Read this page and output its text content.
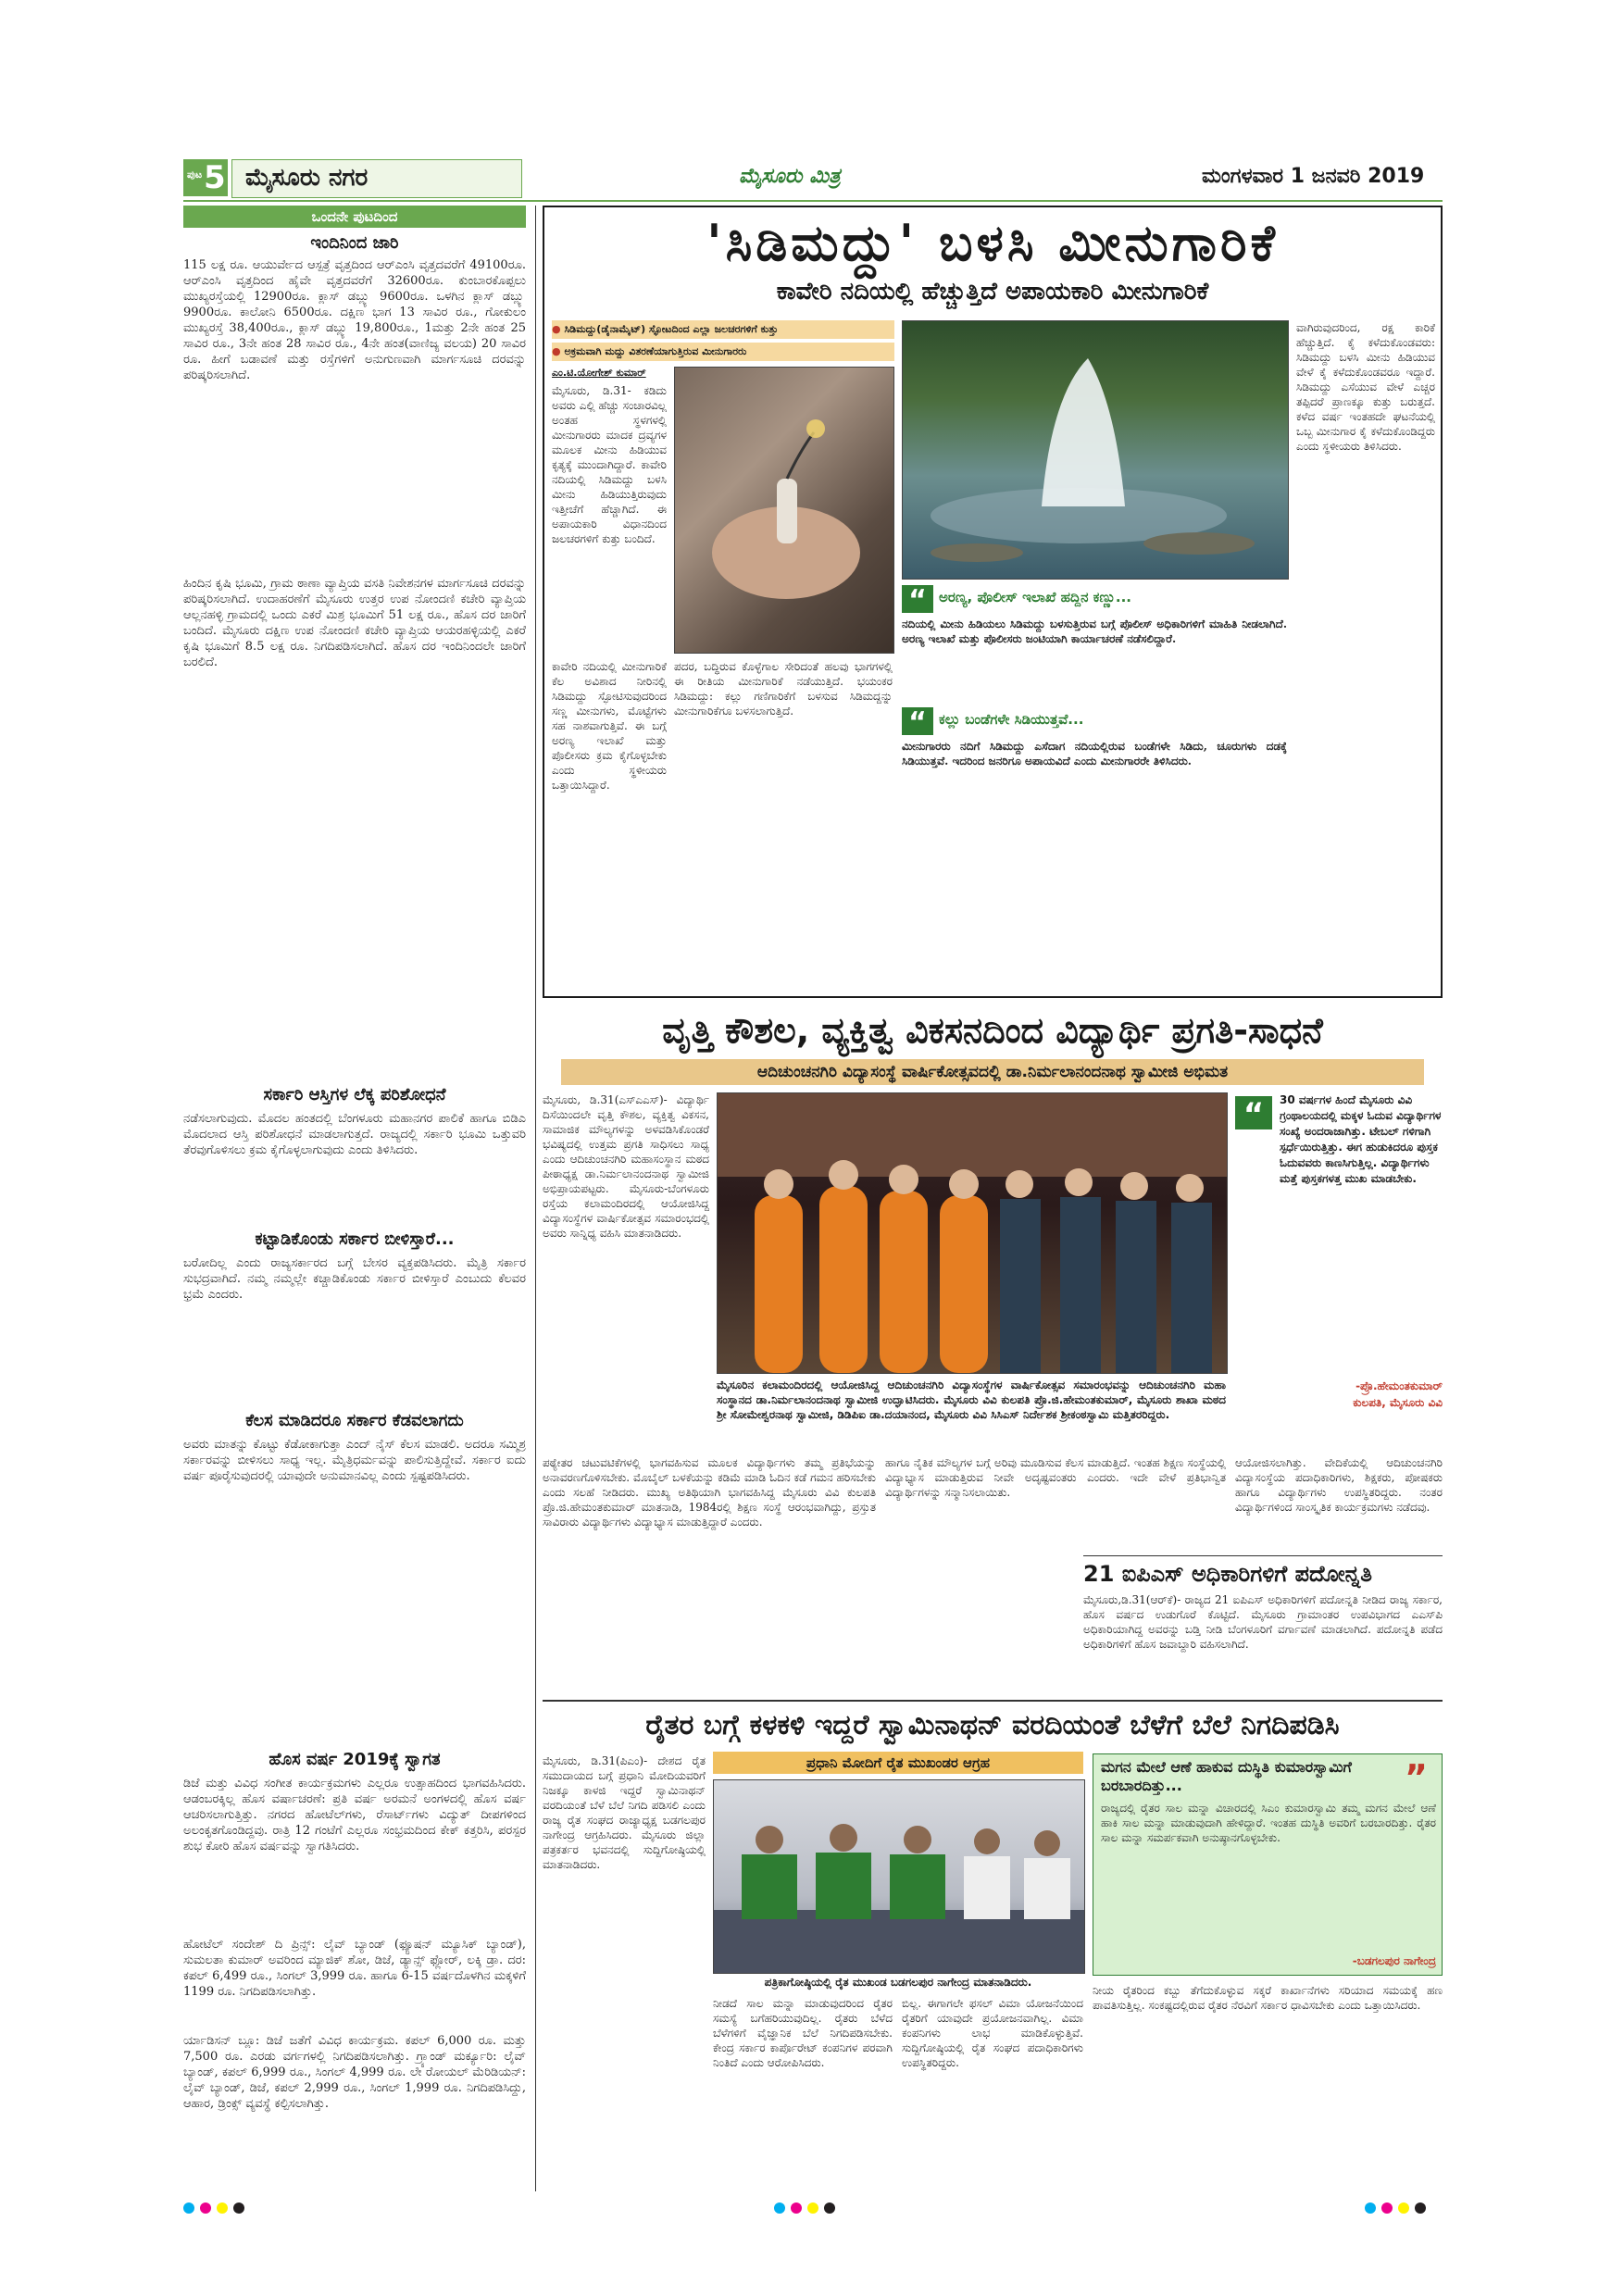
ಪುಟ 5 ಮೈಸೂರು ನಗರ	ಮೈಸೂರು ಮಿತ್ರ	ಮಂಗಳವಾರ 1 ಜನವರಿ 2019
ಒಂದನೇ ಪುಟದಿಂದ
ಇಂದಿನಿಂದ ಜಾರಿ
115 ಲಕ್ಷ ರೂ. ಆಯುರ್ವೇದ ಆಸ್ಪತ್ರೆ ವೃತ್ತದಿಂದ ಆರ್‌ಎಂಸಿ ವೃತ್ತದವರೆಗೆ 49100ರೂ. ಆರ್‌ಎಂಸಿ ವೃತ್ತದಿಂದ ಹೈವೇ ವೃತ್ತದವರೆಗೆ 32600ರೂ. ಕುಂಬಾರಕೊಪ್ಪಲು ಮುಖ್ಯರಸ್ತೆಯಲ್ಲಿ 12900ರೂ. ಕ್ಲಾಸ್ ಡಬ್ಲ್ಯು 9600ರೂ. ಒಳಗಿನ ಕ್ಲಾಸ್ ಡಬ್ಲ್ಯು 9900ರೂ. ಕಾಲೋನಿ 6500ರೂ. ದಕ್ಷಿಣ ಭಾಗ 13 ಸಾವಿರ ರೂ., ಗೋಕುಲಂ ಮುಖ್ಯರಸ್ತೆ 38,400ರೂ., ಕ್ಲಾಸ್ ಡಬ್ಲ್ಯು 19,800ರೂ., 1ಮತ್ತು 2ನೇ ಹಂತ 25 ಸಾವಿರ ರೂ., 3ನೇ ಹಂತ 28 ಸಾವಿರ ರೂ., 4ನೇ ಹಂತ(ವಾಣಿಜ್ಯ ವಲಯ) 20 ಸಾವಿರ ರೂ. ಹೀಗೆ ಬಡಾವಣೆ ಮತ್ತು ರಸ್ತೆಗಳಿಗೆ ಅನುಗುಣವಾಗಿ ಮಾರ್ಗಸೂಚಿ ದರವನ್ನು ಪರಿಷ್ಕರಿಸಲಾಗಿದೆ.
ಹಿಂದಿನ ಕೃಷಿ ಭೂಮಿ, ಗ್ರಾಮ ಠಾಣಾ ವ್ಯಾಪ್ತಿಯ ವಸತಿ ನಿವೇಶನಗಳ ಮಾರ್ಗಸೂಚಿ ದರವನ್ನು ಪರಿಷ್ಕರಿಸಲಾಗಿದೆ. ಉದಾಹರಣೆಗೆ ಮೈಸೂರು ಉತ್ತರ ಉಪ ನೋಂದಣಿ ಕಚೇರಿ ವ್ಯಾಪ್ತಿಯ ಆಲ್ಲನಹಳ್ಳಿ ಗ್ರಾಮದಲ್ಲಿ ಒಂದು ಎಕರೆ ಮಿಶ್ರ ಭೂಮಿಗೆ 51 ಲಕ್ಷ ರೂ., ಹೊಸ ದರ ಜಾರಿಗೆ ಬಂದಿದೆ. ಮೈಸೂರು ದಕ್ಷಿಣ ಉಪ ನೋಂದಣಿ ಕಚೇರಿ ವ್ಯಾಪ್ತಿಯ ಆಯರಹಳ್ಳಿಯಲ್ಲಿ ಎಕರೆ ಕೃಷಿ ಭೂಮಿಗೆ 8.5 ಲಕ್ಷ ರೂ. ನಿಗದಿಪಡಿಸಲಾಗಿದೆ. ಹೊಸ ದರ ಇಂದಿನಿಂದಲೇ ಜಾರಿಗೆ ಬರಲಿದೆ.
ಸರ್ಕಾರಿ ಆಸ್ತಿಗಳ ಲೆಕ್ಕ ಪರಿಶೋಧನೆ
ನಡೆಸಲಾಗುವುದು. ಮೊದಲ ಹಂತದಲ್ಲಿ ಬೆಂಗಳೂರು ಮಹಾನಗರ ಪಾಲಿಕೆ ಹಾಗೂ ಬಿಡಿಎ ಮೊದಲಾದ ಆಸ್ತಿ ಪರಿಶೋಧನೆ ಮಾಡಲಾಗುತ್ತದೆ. ರಾಜ್ಯದಲ್ಲಿ ಸರ್ಕಾರಿ ಭೂಮಿ ಒತ್ತುವರಿ ತೆರವುಗೊಳಿಸಲು ಕ್ರಮ ಕೈಗೊಳ್ಳಲಾಗುವುದು ಎಂದು ತಿಳಿಸಿದರು.
ಕಟ್ಟಾಡಿಕೊಂಡು ಸರ್ಕಾರ ಬೀಳಿಸ್ತಾರೆ...
ಬರೋದಿಲ್ಲ ಎಂದು ರಾಜ್ಯಸರ್ಕಾರದ ಬಗ್ಗೆ ಬೇಸರ ವ್ಯಕ್ತಪಡಿಸಿದರು. ಮೈತ್ರಿ ಸರ್ಕಾರ ಸುಭದ್ರವಾಗಿದೆ. ನಮ್ಮ ನಮ್ಮಲ್ಲೇ ಕಚ್ಚಾಡಿಕೊಂಡು ಸರ್ಕಾರ ಬೀಳಿಸ್ತಾರೆ ಎಂಬುದು ಕೆಲವರ ಭ್ರಮೆ ಎಂದರು.
ಕೆಲಸ ಮಾಡಿದರೂ ಸರ್ಕಾರ ಕೆಡವಲಾಗದು
ಅವರು ಮಾತನ್ನು ಕೊಟ್ಟು ಕೆಡೋಕಾಗುತ್ತಾ ಎಂದ್ ನೈಸ್ ಕೆಲಸ ಮಾಡಲಿ. ಅದರೂ ಸಮ್ಮಿಶ್ರ ಸರ್ಕಾರವನ್ನು ಬೀಳಿಸಲು ಸಾಧ್ಯ ಇಲ್ಲ. ಮೈತ್ರಿಧರ್ಮವನ್ನು ಪಾಲಿಸುತ್ತಿದ್ದೇವೆ. ಸರ್ಕಾರ ಐದು ವರ್ಷ ಪೂರೈಸುವುದರಲ್ಲಿ ಯಾವುದೇ ಅನುಮಾನವಿಲ್ಲ ಎಂದು ಸ್ಪಷ್ಟಪಡಿಸಿದರು.
ಹೊಸ ವರ್ಷ 2019ಕ್ಕೆ ಸ್ವಾಗತ
ಡಿಜೆ ಮತ್ತು ವಿವಿಧ ಸಂಗೀತ ಕಾರ್ಯಕ್ರಮಗಳು ಎಲ್ಲರೂ ಉತ್ಸಾಹದಿಂದ ಭಾಗವಹಿಸಿದರು. ಆಡಂಬರಕ್ಕಿಲ್ಲ ಹೊಸ ವರ್ಷಾಚರಣೆ: ಪ್ರತಿ ವರ್ಷ ಅರಮನೆ ಅಂಗಳದಲ್ಲಿ ಹೊಸ ವರ್ಷ ಆಚರಿಸಲಾಗುತ್ತಿತ್ತು. ನಗರದ ಹೋಟೆಲ್‌ಗಳು, ರೆಸಾರ್ಟ್‌ಗಳು ವಿದ್ಯುತ್ ದೀಪಗಳಿಂದ ಅಲಂಕೃತಗೊಂಡಿದ್ದವು. ರಾತ್ರಿ 12 ಗಂಟೆಗೆ ಎಲ್ಲರೂ ಸಂಭ್ರಮದಿಂದ ಕೇಕ್ ಕತ್ತರಿಸಿ, ಪರಸ್ಪರ ಶುಭ ಕೋರಿ ಹೊಸ ವರ್ಷವನ್ನು ಸ್ವಾಗತಿಸಿದರು.
ಹೋಟೆಲ್ ಸಂದೇಶ್ ದಿ ಪ್ರಿನ್ಸ್: ಲೈವ್ ಬ್ಯಾಂಡ್ (ಫ್ಯೂಷನ್ ಮ್ಯೂಸಿಕ್ ಬ್ಯಾಂಡ್), ಸುಮಲತಾ ಕುಮಾರ್ ಅವರಿಂದ ಮ್ಯಾಜಿಕ್ ಶೋ, ಡಿಜೆ, ಡ್ಯಾನ್ಸ್ ಫ್ಲೋರ್, ಲಕ್ಕಿ ಡ್ರಾ. ದರ: ಕಪಲ್ 6,499 ರೂ., ಸಿಂಗಲ್ 3,999 ರೂ. ಹಾಗೂ 6-15 ವರ್ಷದೊಳಗಿನ ಮಕ್ಕಳಿಗೆ 1199 ರೂ. ನಿಗದಿಪಡಿಸಲಾಗಿತ್ತು.
ರ್ಯಾಡಿಸನ್ ಬ್ಲೂ: ಡಿಜೆ ಜತೆಗೆ ವಿವಿಧ ಕಾರ್ಯಕ್ರಮ. ಕಪಲ್ 6,000 ರೂ. ಮತ್ತು 7,500 ರೂ. ಎರಡು ವರ್ಗಗಳಲ್ಲಿ ನಿಗದಿಪಡಿಸಲಾಗಿತ್ತು. ಗ್ರ್ಯಾಂಡ್ ಮರ್ಕ್ಯೂರಿ: ಲೈವ್ ಬ್ಯಾಂಡ್, ಕಪಲ್ 6,999 ರೂ., ಸಿಂಗಲ್ 4,999 ರೂ. ಲೇ ರೋಯಲ್ ಮೆರಿಡಿಯನ್: ಲೈವ್ ಬ್ಯಾಂಡ್, ಡಿಜೆ, ಕಪಲ್ 2,999 ರೂ., ಸಿಂಗಲ್ 1,999 ರೂ. ನಿಗದಿಪಡಿಸಿದ್ದು, ಆಹಾರ, ಡ್ರಿಂಕ್ಸ್ ವ್ಯವಸ್ಥೆ ಕಲ್ಪಿಸಲಾಗಿತ್ತು.
'ಸಿಡಿಮದ್ದು' ಬಳಸಿ ಮೀನುಗಾರಿಕೆ
ಕಾವೇರಿ ನದಿಯಲ್ಲಿ ಹೆಚ್ಚುತ್ತಿದೆ ಅಪಾಯಕಾರಿ ಮೀನುಗಾರಿಕೆ
● ಸಿಡಿಮದ್ದು(ಡೈನಾಮೈಟ್) ಸ್ಫೋಟದಿಂದ ಎಲ್ಲಾ ಜಲಚರಗಳಿಗೆ ಕುತ್ತು
● ಅಕ್ರಮವಾಗಿ ಮದ್ದು ವಿತರಣೆಯಾಗುತ್ತಿರುವ ಮೀನುಗಾರರು
ಎಂ.ಟಿ.ಯೋಗೇಶ್ ಕುಮಾರ್
ಮೈಸೂರು, ಡಿ.31- ಕಡಿದು ಅವರು ಎಲ್ಲಿ ಹೆಚ್ಚು ಸಂಚಾರವಿಲ್ಲ ಅಂತಹ ಸ್ಥಳಗಳಲ್ಲಿ ಮೀನುಗಾರರು ಮಾದಕ ದ್ರವ್ಯಗಳ ಮೂಲಕ ಮೀನು ಹಿಡಿಯುವ ಕೃತ್ಯಕ್ಕೆ ಮುಂದಾಗಿದ್ದಾರೆ. ಕಾವೇರಿ ನದಿಯಲ್ಲಿ ಸಿಡಿಮದ್ದು ಬಳಸಿ ಮೀನು ಹಿಡಿಯುತ್ತಿರುವುದು ಇತ್ತೀಚೆಗೆ ಹೆಚ್ಚಾಗಿದೆ. ಈ ಅಪಾಯಕಾರಿ ವಿಧಾನದಿಂದ ಜಲಚರಗಳಿಗೆ ಕುತ್ತು ಬಂದಿದೆ.
ವಾಗಿರುವುದರಿಂದ, ರಕ್ಷ ಕಾರಿಕೆ ಹೆಚ್ಚುತ್ತಿದೆ. ಕೈ ಕಳೆದುಕೊಂಡವರು: ಸಿಡಿಮದ್ದು ಬಳಸಿ ಮೀನು ಹಿಡಿಯುವ ವೇಳೆ ಕೈ ಕಳೆದುಕೊಂಡವರೂ ಇದ್ದಾರೆ. ಸಿಡಿಮದ್ದು ಎಸೆಯುವ ವೇಳೆ ಎಚ್ಚರ ತಪ್ಪಿದರೆ ಪ್ರಾಣಕ್ಕೂ ಕುತ್ತು ಬರುತ್ತದೆ. ಕಳೆದ ವರ್ಷ ಇಂತಹದೇ ಘಟನೆಯಲ್ಲಿ ಒಬ್ಬ ಮೀನುಗಾರ ಕೈ ಕಳೆದುಕೊಂಡಿದ್ದರು ಎಂದು ಸ್ಥಳೀಯರು ತಿಳಿಸಿದರು.
ಕಾವೇರಿ ನದಿಯಲ್ಲಿ ಮೀನುಗಾರಿಕೆ ಕೆಲ ಅವಿಶಾದ ನೀರಿನಲ್ಲಿ ಸಿಡಿಮದ್ದು ಸ್ಫೋಟಿಸುವುದರಿಂದ ಸಣ್ಣ ಮೀನುಗಳು, ಮೊಟ್ಟೆಗಳು ಸಹ ನಾಶವಾಗುತ್ತಿವೆ. ಈ ಬಗ್ಗೆ ಅರಣ್ಯ ಇಲಾಖೆ ಮತ್ತು ಪೊಲೀಸರು ಕ್ರಮ ಕೈಗೊಳ್ಳಬೇಕು ಎಂದು ಸ್ಥಳೀಯರು ಒತ್ತಾಯಿಸಿದ್ದಾರೆ.
ಪದರ, ಬದ್ಧಿರುವ ಕೊಳ್ಳೆಗಾಲ ಸೇರಿದಂತೆ ಹಲವು ಭಾಗಗಳಲ್ಲಿ ಈ ರೀತಿಯ ಮೀನುಗಾರಿಕೆ ನಡೆಯುತ್ತಿದೆ. ಭಯಂಕರ ಸಿಡಿಮದ್ದು: ಕಲ್ಲು ಗಣಿಗಾರಿಕೆಗೆ ಬಳಸುವ ಸಿಡಿಮದ್ದನ್ನು ಮೀನುಗಾರಿಕೆಗೂ ಬಳಸಲಾಗುತ್ತಿದೆ.
“ ಅರಣ್ಯ, ಪೊಲೀಸ್ ಇಲಾಖೆ ಹದ್ದಿನ ಕಣ್ಣು...
ನದಿಯಲ್ಲಿ ಮೀನು ಹಿಡಿಯಲು ಸಿಡಿಮದ್ದು ಬಳಸುತ್ತಿರುವ ಬಗ್ಗೆ ಪೊಲೀಸ್ ಅಧಿಕಾರಿಗಳಿಗೆ ಮಾಹಿತಿ ನೀಡಲಾಗಿದೆ. ಅರಣ್ಯ ಇಲಾಖೆ ಮತ್ತು ಪೊಲೀಸರು ಜಂಟಿಯಾಗಿ ಕಾರ್ಯಾಚರಣೆ ನಡೆಸಲಿದ್ದಾರೆ.
“ ಕಲ್ಲು ಬಂಡೆಗಳೇ ಸಿಡಿಯುತ್ತವೆ...
ಮೀನುಗಾರರು ನದಿಗೆ ಸಿಡಿಮದ್ದು ಎಸೆದಾಗ ನದಿಯಲ್ಲಿರುವ ಬಂಡೆಗಳೇ ಸಿಡಿದು, ಚೂರುಗಳು ದಡಕ್ಕೆ ಸಿಡಿಯುತ್ತವೆ. ಇದರಿಂದ ಜನರಿಗೂ ಅಪಾಯವಿದೆ ಎಂದು ಮೀನುಗಾರರೇ ತಿಳಿಸಿದರು.
ವೃತ್ತಿ ಕೌಶಲ, ವ್ಯಕ್ತಿತ್ವ ವಿಕಸನದಿಂದ ವಿದ್ಯಾರ್ಥಿ ಪ್ರಗತಿ-ಸಾಧನೆ
ಆದಿಚುಂಚನಗಿರಿ ವಿದ್ಯಾಸಂಸ್ಥೆ ವಾರ್ಷಿಕೋತ್ಸವದಲ್ಲಿ ಡಾ.ನಿರ್ಮಲಾನಂದನಾಥ ಸ್ವಾಮೀಜಿ ಅಭಿಮತ
ಮೈಸೂರು, ಡಿ.31(ಎಸ್‌ಎಎಸ್)- ವಿದ್ಯಾರ್ಥಿ ದಿಸೆಯಿಂದಲೇ ವೃತ್ತಿ ಕೌಶಲ, ವ್ಯಕ್ತಿತ್ವ ವಿಕಸನ, ಸಾಮಾಜಿಕ ಮೌಲ್ಯಗಳನ್ನು ಅಳವಡಿಸಿಕೊಂಡರೆ ಭವಿಷ್ಯದಲ್ಲಿ ಉತ್ತಮ ಪ್ರಗತಿ ಸಾಧಿಸಲು ಸಾಧ್ಯ ಎಂದು ಆದಿಚುಂಚನಗಿರಿ ಮಹಾಸಂಸ್ಥಾನ ಮಠದ ಪೀಠಾಧ್ಯಕ್ಷ ಡಾ.ನಿರ್ಮಲಾನಂದನಾಥ ಸ್ವಾಮೀಜಿ ಅಭಿಪ್ರಾಯಪಟ್ಟರು. ಮೈಸೂರು-ಬೆಂಗಳೂರು ರಸ್ತೆಯ ಕಲಾಮಂದಿರದಲ್ಲಿ ಆಯೋಜಿಸಿದ್ದ ವಿದ್ಯಾಸಂಸ್ಥೆಗಳ ವಾರ್ಷಿಕೋತ್ಸವ ಸಮಾರಂಭದಲ್ಲಿ ಅವರು ಸಾನ್ನಿಧ್ಯ ವಹಿಸಿ ಮಾತನಾಡಿದರು.
ಮೈಸೂರಿನ ಕಲಾಮಂದಿರದಲ್ಲಿ ಆಯೋಜಿಸಿದ್ದ ಆದಿಚುಂಚನಗಿರಿ ವಿದ್ಯಾಸಂಸ್ಥೆಗಳ ವಾರ್ಷಿಕೋತ್ಸವ ಸಮಾರಂಭವನ್ನು ಆದಿಚುಂಚನಗಿರಿ ಮಹಾ ಸಂಸ್ಥಾನದ ಡಾ.ನಿರ್ಮಲಾನಂದನಾಥ ಸ್ವಾಮೀಜಿ ಉದ್ಘಾಟಿಸಿದರು. ಮೈಸೂರು ವಿವಿ ಕುಲಪತಿ ಪ್ರೊ.ಜಿ.ಹೇಮಂತಕುಮಾರ್, ಮೈಸೂರು ಶಾಖಾ ಮಠದ ಶ್ರೀ ಸೋಮೇಶ್ವರನಾಥ ಸ್ವಾಮೀಜಿ, ಡಿಡಿಪಿಐ ಡಾ.ದಯಾನಂದ, ಮೈಸೂರು ವಿವಿ ಸಿಸಿಎಸ್ ನಿರ್ದೇಶಕ ಶ್ರೀಕಂಠಸ್ವಾಮಿ ಮತ್ತಿತರರಿದ್ದರು.
“	30 ವರ್ಷಗಳ ಹಿಂದೆ ಮೈಸೂರು ವಿವಿ ಗ್ರಂಥಾಲಯದಲ್ಲಿ ಮಕ್ಕಳ ಓದುವ ವಿದ್ಯಾರ್ಥಿಗಳ ಸಂಖ್ಯೆ ಅಂದರಾಜಾಗಿತ್ತು. ಟೇಬಲ್ ಗಳಿಗಾಗಿ ಸ್ಪರ್ಧೆಯಿರುತ್ತಿತ್ತು. ಈಗ ಹುಡುಕಿದರೂ ಪುಸ್ತಕ ಓದುವವರು ಕಾಣಸಿಗುತ್ತಿಲ್ಲ. ವಿದ್ಯಾರ್ಥಿಗಳು ಮತ್ತೆ ಪುಸ್ತಕಗಳತ್ತ ಮುಖ ಮಾಡಬೇಕು.
-ಪ್ರೊ.ಹೇಮಂತಕುಮಾರ್
ಕುಲಪತಿ, ಮೈಸೂರು ವಿವಿ
ಪಠ್ಯೇತರ ಚಟುವಟಿಕೆಗಳಲ್ಲಿ ಭಾಗವಹಿಸುವ ಮೂಲಕ ವಿದ್ಯಾರ್ಥಿಗಳು ತಮ್ಮ ಪ್ರತಿಭೆಯನ್ನು ಅನಾವರಣಗೊಳಿಸಬೇಕು. ಮೊಬೈಲ್ ಬಳಕೆಯನ್ನು ಕಡಿಮೆ ಮಾಡಿ ಓದಿನ ಕಡೆ ಗಮನ ಹರಿಸಬೇಕು ಎಂದು ಸಲಹೆ ನೀಡಿದರು. ಮುಖ್ಯ ಅತಿಥಿಯಾಗಿ ಭಾಗವಹಿಸಿದ್ದ ಮೈಸೂರು ವಿವಿ ಕುಲಪತಿ ಪ್ರೊ.ಜಿ.ಹೇಮಂತಕುಮಾರ್ ಮಾತನಾಡಿ, 1984ರಲ್ಲಿ ಶಿಕ್ಷಣ ಸಂಸ್ಥೆ ಆರಂಭವಾಗಿದ್ದು, ಪ್ರಸ್ತುತ ಸಾವಿರಾರು ವಿದ್ಯಾರ್ಥಿಗಳು ವಿದ್ಯಾಭ್ಯಾಸ ಮಾಡುತ್ತಿದ್ದಾರೆ ಎಂದರು.
ಹಾಗೂ ನೈತಿಕ ಮೌಲ್ಯಗಳ ಬಗ್ಗೆ ಅರಿವು ಮೂಡಿಸುವ ಕೆಲಸ ಮಾಡುತ್ತಿದೆ. ಇಂತಹ ಶಿಕ್ಷಣ ಸಂಸ್ಥೆಯಲ್ಲಿ ವಿದ್ಯಾಭ್ಯಾಸ ಮಾಡುತ್ತಿರುವ ನೀವೇ ಅದೃಷ್ಟವಂತರು ಎಂದರು. ಇದೇ ವೇಳೆ ಪ್ರತಿಭಾನ್ವಿತ ವಿದ್ಯಾರ್ಥಿಗಳನ್ನು ಸನ್ಮಾನಿಸಲಾಯಿತು.
ಆಯೋಜಿಸಲಾಗಿತ್ತು. ವೇದಿಕೆಯಲ್ಲಿ ಆದಿಚುಂಚನಗಿರಿ ವಿದ್ಯಾಸಂಸ್ಥೆಯ ಪದಾಧಿಕಾರಿಗಳು, ಶಿಕ್ಷಕರು, ಪೋಷಕರು ಹಾಗೂ ವಿದ್ಯಾರ್ಥಿಗಳು ಉಪಸ್ಥಿತರಿದ್ದರು. ನಂತರ ವಿದ್ಯಾರ್ಥಿಗಳಿಂದ ಸಾಂಸ್ಕೃತಿಕ ಕಾರ್ಯಕ್ರಮಗಳು ನಡೆದವು.
21 ಐಪಿಎಸ್ ಅಧಿಕಾರಿಗಳಿಗೆ ಪದೋನ್ನತಿ
ಮೈಸೂರು,ಡಿ.31(ಆರ್‌ಕೆ)- ರಾಜ್ಯದ 21 ಐಪಿಎಸ್ ಅಧಿಕಾರಿಗಳಿಗೆ ಪದೋನ್ನತಿ ನೀಡಿದ ರಾಜ್ಯ ಸರ್ಕಾರ, ಹೊಸ ವರ್ಷದ ಉಡುಗೊರೆ ಕೊಟ್ಟಿದೆ. ಮೈಸೂರು ಗ್ರಾಮಾಂತರ ಉಪವಿಭಾಗದ ಎಎಸ್‌ಪಿ ಅಧಿಕಾರಿಯಾಗಿದ್ದ ಅವರನ್ನು ಬಡ್ತಿ ನೀಡಿ ಬೆಂಗಳೂರಿಗೆ ವರ್ಗಾವಣೆ ಮಾಡಲಾಗಿದೆ. ಪದೋನ್ನತಿ ಪಡೆದ ಅಧಿಕಾರಿಗಳಿಗೆ ಹೊಸ ಜವಾಬ್ದಾರಿ ವಹಿಸಲಾಗಿದೆ.
ರೈತರ ಬಗ್ಗೆ ಕಳಕಳಿ ಇದ್ದರೆ ಸ್ವಾಮಿನಾಥನ್ ವರದಿಯಂತೆ ಬೆಳೆಗೆ ಬೆಲೆ ನಿಗದಿಪಡಿಸಿ
ಪ್ರಧಾನಿ ಮೋದಿಗೆ ರೈತ ಮುಖಂಡರ ಆಗ್ರಹ
ಮೈಸೂರು, ಡಿ.31(ಪಿಎಂ)- ದೇಶದ ರೈತ ಸಮುದಾಯದ ಬಗ್ಗೆ ಪ್ರಧಾನಿ ಮೋದಿಯವರಿಗೆ ನಿಜಕ್ಕೂ ಕಾಳಜಿ ಇದ್ದರೆ ಸ್ವಾಮಿನಾಥನ್ ವರದಿಯಂತೆ ಬೆಳೆ ಬೆಲೆ ನಿಗದಿ ಪಡಿಸಲಿ ಎಂದು ರಾಜ್ಯ ರೈತ ಸಂಘದ ರಾಜ್ಯಾಧ್ಯಕ್ಷ ಬಡಗಲಪುರ ನಾಗೇಂದ್ರ ಆಗ್ರಹಿಸಿದರು. ಮೈಸೂರು ಜಿಲ್ಲಾ ಪತ್ರಕರ್ತರ ಭವನದಲ್ಲಿ ಸುದ್ದಿಗೋಷ್ಠಿಯಲ್ಲಿ ಮಾತನಾಡಿದರು.
ಪತ್ರಿಕಾಗೋಷ್ಠಿಯಲ್ಲಿ ರೈತ ಮುಖಂಡ ಬಡಗಲಪುರ ನಾಗೇಂದ್ರ ಮಾತನಾಡಿದರು.
ನೀಡದೆ ಸಾಲ ಮನ್ನಾ ಮಾಡುವುದರಿಂದ ರೈತರ ಸಮಸ್ಯೆ ಬಗೆಹರಿಯುವುದಿಲ್ಲ. ರೈತರು ಬೆಳೆದ ಬೆಳೆಗಳಿಗೆ ವೈಜ್ಞಾನಿಕ ಬೆಲೆ ನಿಗದಿಪಡಿಸಬೇಕು. ಕೇಂದ್ರ ಸರ್ಕಾರ ಕಾರ್ಪೊರೇಟ್ ಕಂಪನಿಗಳ ಪರವಾಗಿ ನಿಂತಿದೆ ಎಂದು ಆರೋಪಿಸಿದರು.
ಬಿಲ್ಲ. ಈಗಾಗಲೇ ಫಸಲ್ ವಿಮಾ ಯೋಜನೆಯಿಂದ ರೈತರಿಗೆ ಯಾವುದೇ ಪ್ರಯೋಜನವಾಗಿಲ್ಲ. ವಿಮಾ ಕಂಪನಿಗಳು ಲಾಭ ಮಾಡಿಕೊಳ್ಳುತ್ತಿವೆ. ಸುದ್ದಿಗೋಷ್ಠಿಯಲ್ಲಿ ರೈತ ಸಂಘದ ಪದಾಧಿಕಾರಿಗಳು ಉಪಸ್ಥಿತರಿದ್ದರು.
ಮಗನ ಮೇಲೆ ಆಣೆ ಹಾಕುವ ದುಸ್ಥಿತಿ ಕುಮಾರಸ್ವಾಮಿಗೆ ಬರಬಾರದಿತ್ತು...	”
ರಾಜ್ಯದಲ್ಲಿ ರೈತರ ಸಾಲ ಮನ್ನಾ ವಿಚಾರದಲ್ಲಿ ಸಿಎಂ ಕುಮಾರಸ್ವಾಮಿ ತಮ್ಮ ಮಗನ ಮೇಲೆ ಆಣೆ ಹಾಕಿ ಸಾಲ ಮನ್ನಾ ಮಾಡುವುದಾಗಿ ಹೇಳಿದ್ದಾರೆ. ಇಂತಹ ದುಸ್ಥಿತಿ ಅವರಿಗೆ ಬರಬಾರದಿತ್ತು. ರೈತರ ಸಾಲ ಮನ್ನಾ ಸಮರ್ಪಕವಾಗಿ ಅನುಷ್ಠಾನಗೊಳ್ಳಬೇಕು.
-ಬಡಗಲಪುರ ನಾಗೇಂದ್ರ
ನೀಯ ರೈತರಿಂದ ಕಬ್ಬು ತೆಗೆದುಕೊಳ್ಳುವ ಸಕ್ಕರೆ ಕಾರ್ಖಾನೆಗಳು ಸರಿಯಾದ ಸಮಯಕ್ಕೆ ಹಣ ಪಾವತಿಸುತ್ತಿಲ್ಲ. ಸಂಕಷ್ಟದಲ್ಲಿರುವ ರೈತರ ನೆರವಿಗೆ ಸರ್ಕಾರ ಧಾವಿಸಬೇಕು ಎಂದು ಒತ್ತಾಯಿಸಿದರು.
